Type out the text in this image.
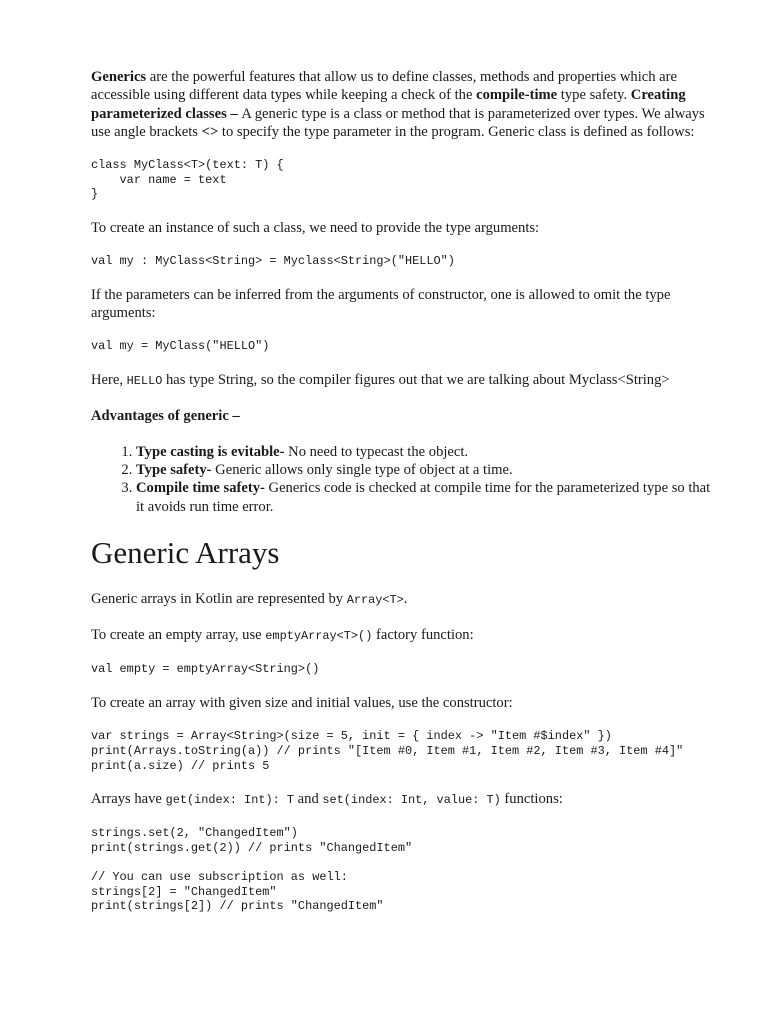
Generics are the powerful features that allow us to define classes, methods and properties which are accessible using different data types while keeping a check of the compile-time type safety. Creating parameterized classes – A generic type is a class or method that is parameterized over types. We always use angle brackets <> to specify the type parameter in the program. Generic class is defined as follows:

class MyClass<T>(text: T) {
var name = text
}

To create an instance of such a class, we need to provide the type arguments:

val my : MyClass<String> = Myclass<String>("HELLO")

If the parameters can be inferred from the arguments of constructor, one is allowed to omit the type arguments:

val my = MyClass("HELLO")

Here, HELLO has type String, so the compiler figures out that we are talking about Myclass<String>

Advantages of generic –

1. Type casting is evitable- No need to typecast the object.
2. Type safety- Generic allows only single type of object at a time.
3. Compile time safety- Generics code is checked at compile time for the parameterized type so that it avoids run time error.
Generic Arrays

Generic arrays in Kotlin are represented by Array<T>.

To create an empty array, use emptyArray<T>() factory function:

val empty = emptyArray<String>()

To create an array with given size and initial values, use the constructor:

var strings = Array<String>(size = 5, init = { index -> "Item #$index" })
print(Arrays.toString(a)) // prints "[Item #0, Item #1, Item #2, Item #3, Item #4]"
print(a.size) // prints 5

Arrays have get(index: Int): T and set(index: Int, value: T) functions:

strings.set(2, "ChangedItem")
print(strings.get(2)) // prints "ChangedItem"

// You can use subscription as well:
strings[2] = "ChangedItem"
print(strings[2]) // prints "ChangedItem"
